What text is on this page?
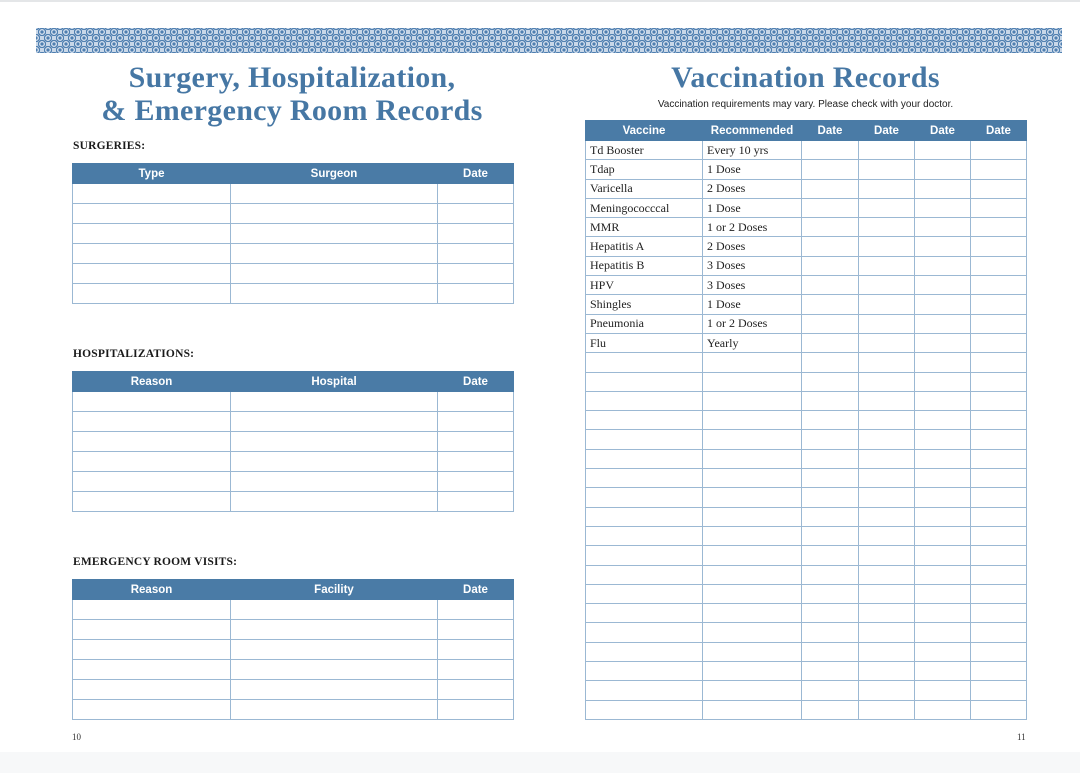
Surgery, Hospitalization,
& Emergency Room Records
SURGERIES:
Type	Surgeon	Date

HOSPITALIZATIONS:
Reason	Hospital	Date

EMERGENCY ROOM VISITS:
Reason	Facility	Date

10
Vaccination Records
Vaccination requirements may vary. Please check with your doctor.
Vaccine	Recommended	Date	Date	Date	Date
Td Booster	Every 10 yrs				
Tdap	1 Dose				
Varicella	2 Doses				
Meningococccal	1 Dose				
MMR	1 or 2 Doses				
Hepatitis A	2 Doses				
Hepatitis B	3 Doses				
HPV	3 Doses				
Shingles	1 Dose				
Pneumonia	1 or 2 Doses				
Flu	Yearly				

11
